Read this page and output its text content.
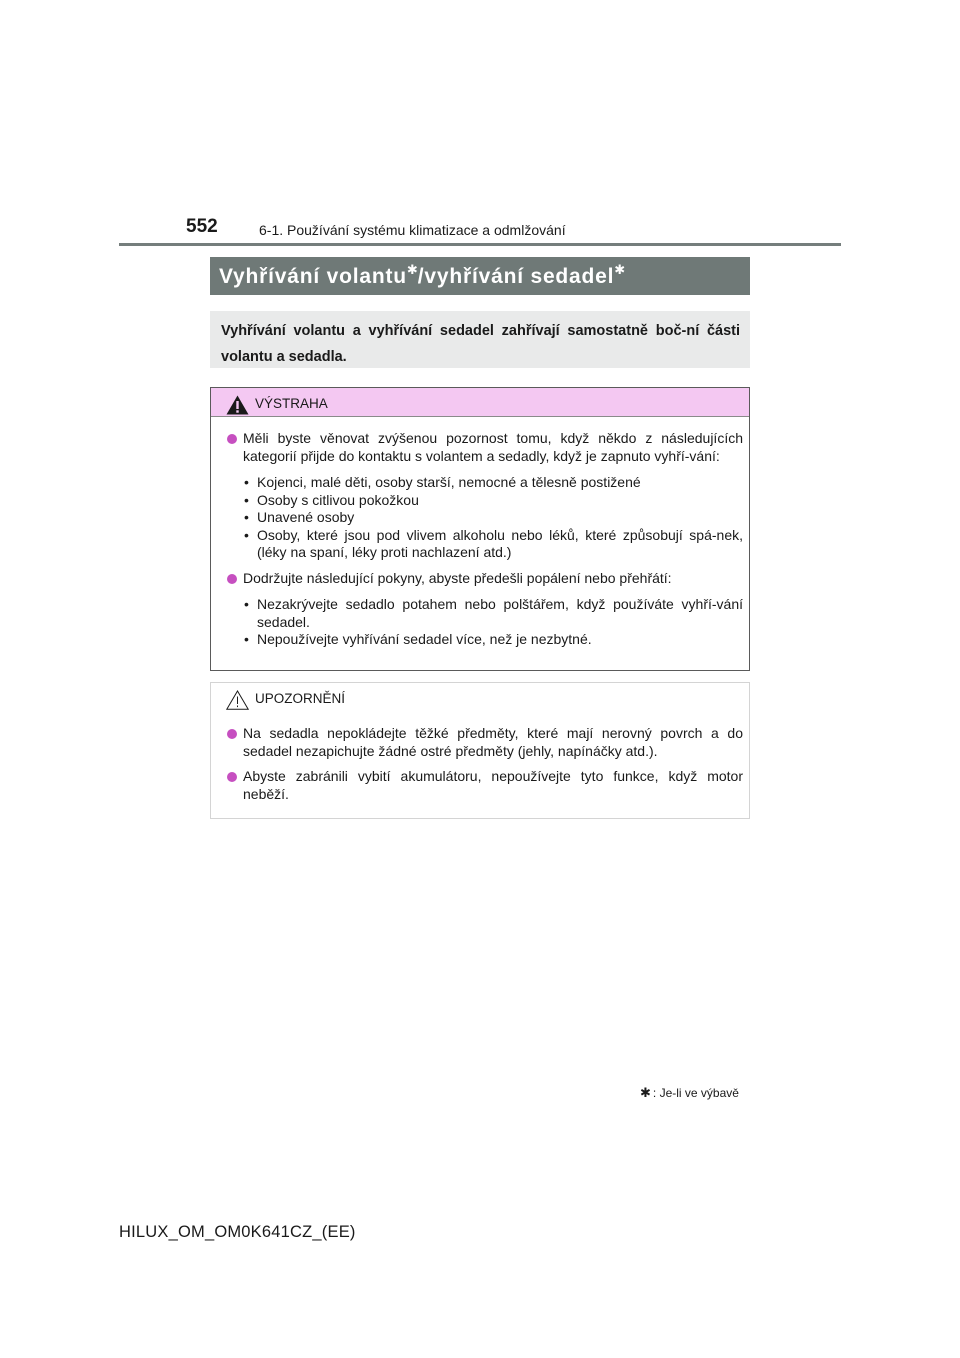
552	6-1. Používání systému klimatizace a odmlžování
Vyhřívání volantu✱/vyhřívání sedadel✱
Vyhřívání volantu a vyhřívání sedadel zahřívají samostatně boč-ní části volantu a sedadla.
VÝSTRAHA
Měli byste věnovat zvýšenou pozornost tomu, když někdo z následujících kategorií přijde do kontaktu s volantem a sedadly, když je zapnuto vyhří-vání:
• Kojenci, malé děti, osoby starší, nemocné a tělesně postižené
• Osoby s citlivou pokožkou
• Unavené osoby
• Osoby, které jsou pod vlivem alkoholu nebo léků, které způsobují spá-nek, (léky na spaní, léky proti nachlazení atd.)
Dodržujte následující pokyny, abyste předešli popálení nebo přehřátí:
• Nezakrývejte sedadlo potahem nebo polštářem, když používáte vyhří-vání sedadel.
• Nepoužívejte vyhřívání sedadel více, než je nezbytné.
UPOZORNĚNÍ
Na sedadla nepokládejte těžké předměty, které mají nerovný povrch a do sedadel nezapichujte žádné ostré předměty (jehly, napínáčky atd.).
Abyste zabránili vybití akumulátoru, nepoužívejte tyto funkce, když motor neběží.
✱ : Je-li ve výbavě
HILUX_OM_OM0K641CZ_(EE)
